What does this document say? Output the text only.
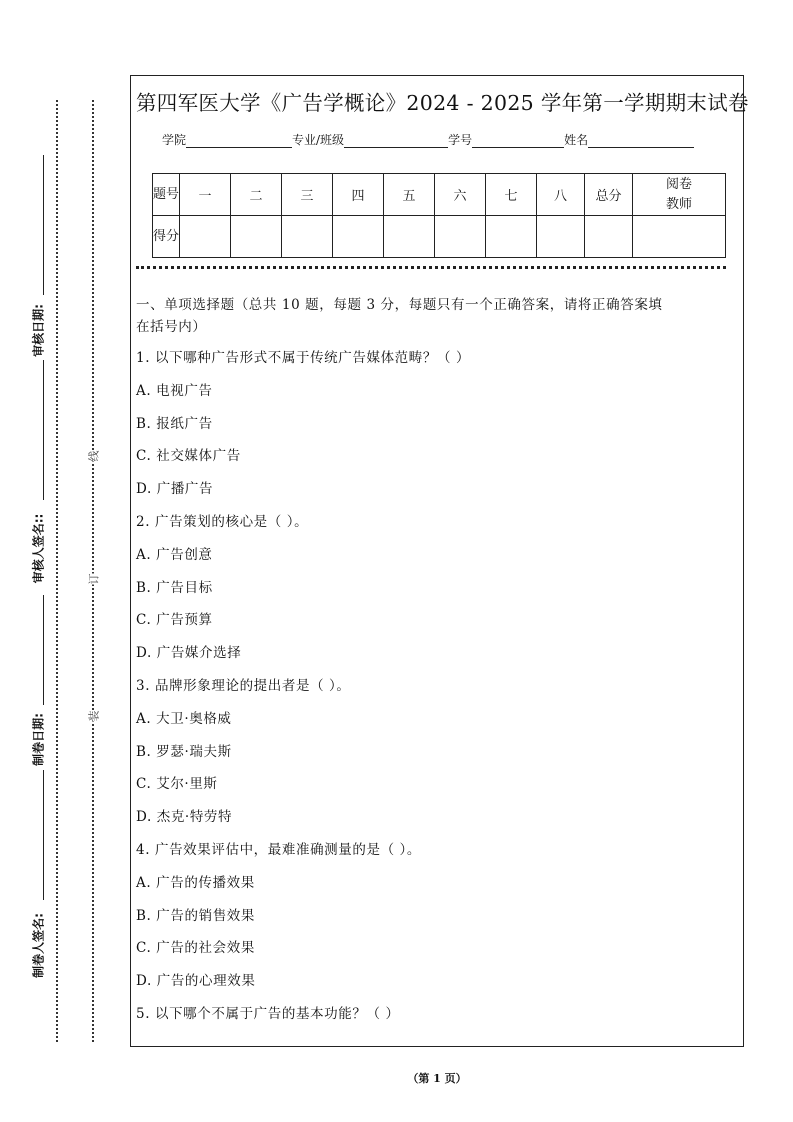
审核日期:
审核人签名::
制卷日期:
制卷人签名:
线
订
装
第四军医大学《广告学概论》2024 - 2025 学年第一学期期末试卷
学院	专业/班级	学号	姓名
题号	一	二	三	四	五	六	七	八	总分	阅卷教师
得分										
一、单项选择题（总共 10 题，每题 3 分，每题只有一个正确答案，请将正确答案填
在括号内）
1. 以下哪种广告形式不属于传统广告媒体范畴？（ ）
A. 电视广告
B. 报纸广告
C. 社交媒体广告
D. 广播广告
2. 广告策划的核心是（ ）。
A. 广告创意
B. 广告目标
C. 广告预算
D. 广告媒介选择
3. 品牌形象理论的提出者是（ ）。
A. 大卫·奥格威
B. 罗瑟·瑞夫斯
C. 艾尔·里斯
D. 杰克·特劳特
4. 广告效果评估中，最难准确测量的是（ ）。
A. 广告的传播效果
B. 广告的销售效果
C. 广告的社会效果
D. 广告的心理效果
5. 以下哪个不属于广告的基本功能？（ ）
（第 1 页）
